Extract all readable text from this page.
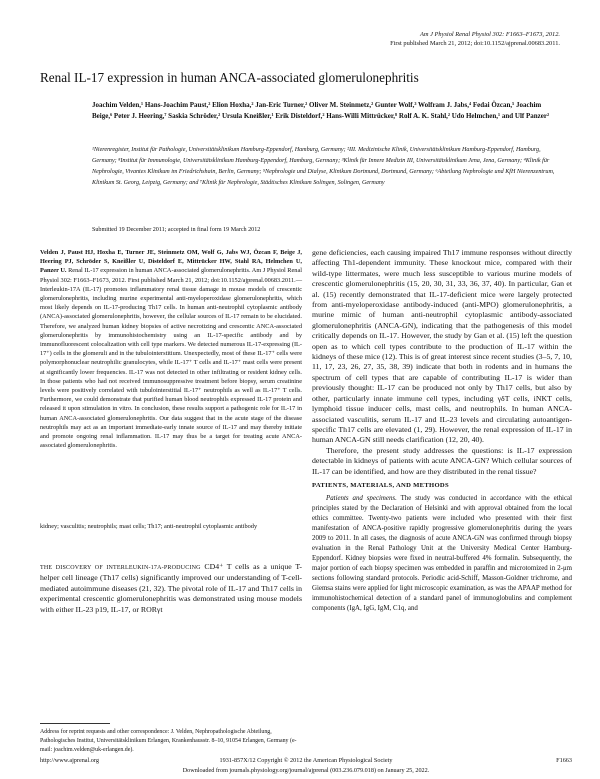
Am J Physiol Renal Physiol 302: F1663–F1673, 2012.
First published March 21, 2012; doi:10.1152/ajprenal.00683.2011.
Renal IL-17 expression in human ANCA-associated glomerulonephritis
Joachim Velden,¹ Hans-Joachim Paust,² Elion Hoxha,² Jan-Eric Turner,² Oliver M. Steinmetz,² Gunter Wolf,³ Wolfram J. Jabs,⁴ Fedai Özcan,⁵ Joachim Beige,⁶ Peter J. Heering,⁷ Saskia Schröder,² Ursula Kneißler,¹ Erik Disteldorf,² Hans-Willi Mittrücker,⁸ Rolf A. K. Stahl,² Udo Helmchen,¹ and Ulf Panzer²
¹Nierenregister, Institut für Pathologie, Universitätsklinikum Hamburg-Eppendorf, Hamburg, Germany; ²III. Medizinische Klinik, Universitätsklinikum Hamburg-Eppendorf, Hamburg, Germany; ⁸Institut für Immunologie, Universitätsklinikum Hamburg-Eppendorf, Hamburg, Germany; ³Klinik für Innere Medizin III, Universitätsklinikum Jena, Jena, Germany; ⁴Klinik für Nephrologie, Vivantes Klinikum im Friedrichshain, Berlin, Germany; ⁵Nephrologie und Dialyse, Klinikum Dortmund, Dortmund, Germany; ⁶Abteilung Nephrologie und KfH Nierenzentrum, Klinikum St. Georg, Leipzig, Germany; and ⁷Klinik für Nephrologie, Städtisches Klinikum Solingen, Solingen, Germany
Submitted 19 December 2011; accepted in final form 19 March 2012
Velden J, Paust HJ, Hoxha E, Turner JE, Steinmetz OM, Wolf G, Jabs WJ, Özcan F, Beige J, Heering PJ, Schröder S, Kneißler U, Disteldorf E, Mittrücker HW, Stahl RA, Helmchen U, Panzer U. Renal IL-17 expression in human ANCA-associated glomerulonephritis. Am J Physiol Renal Physiol 302: F1663–F1673, 2012. First published March 21, 2012; doi:10.1152/ajprenal.00683.2011.—Interleukin-17A (IL-17) promotes inflammatory renal tissue damage in mouse models of crescentic glomerulonephritis, including murine experimental anti-myeloperoxidase glomerulonephritis, which most likely depends on IL-17-producing Th17 cells. In human anti-neutrophil cytoplasmic antibody (ANCA)-associated glomerulonephritis, however, the cellular sources of IL-17 remain to be elucidated. Therefore, we analyzed human kidney biopsies of active necrotizing and crescentic ANCA-associated glomerulonephritis by immunohistochemistry using an IL-17-specific antibody and by immunofluorescent colocalization with cell type markers. We detected numerous IL-17-expressing (IL-17⁺) cells in the glomeruli and in the tubulointerstitium. Unexpectedly, most of these IL-17⁺ cells were polymorphonuclear neutrophilic granulocytes, while IL-17⁺ T cells and IL-17⁺ mast cells were present at significantly lower frequencies. IL-17 was not detected in other infiltrating or resident kidney cells. In those patients who had not received immunosuppressive treatment before biopsy, serum creatinine levels were positively correlated with tubulointerstitial IL-17⁺ neutrophils as well as IL-17⁺ T cells. Furthermore, we could demonstrate that purified human blood neutrophils expressed IL-17 protein and released it upon stimulation in vitro. In conclusion, these results support a pathogenic role for IL-17 in human ANCA-associated glomerulonephritis. Our data suggest that in the acute stage of the disease neutrophils may act as an important immediate-early innate source of IL-17 and may thereby initiate and promote ongoing renal inflammation. IL-17 may thus be a target for treating acute ANCA-associated glomerulonephritis.
kidney; vasculitis; neutrophils; mast cells; Th17; anti-neutrophil cytoplasmic antibody
THE DISCOVERY OF INTERLEUKIN-17A-PRODUCING CD4⁺ T cells as a unique T-helper cell lineage (Th17 cells) significantly improved our understanding of T-cell-mediated autoimmune diseases (21, 32). The pivotal role of IL-17 and Th17 cells in experimental crescentic glomerulonephritis was demonstrated using mouse models with either IL-23 p19, IL-17, or RORγt
Address for reprint requests and other correspondence: J. Velden, Nephropathologische Abteilung, Pathologisches Institut, Universitätsklinikum Erlangen, Krankenhausstr. 8–10, 91054 Erlangen, Germany (e-mail: joachim.velden@uk-erlangen.de).

gene deficiencies, each causing impaired Th17 immune responses without directly affecting Th1-dependent immunity. These knockout mice, compared with their wild-type littermates, were much less susceptible to various murine models of crescentic glomerulonephritis (15, 20, 30, 31, 33, 36, 37, 40). In particular, Gan et al. (15) recently demonstrated that IL-17-deficient mice were largely protected from anti-myeloperoxidase antibody-induced (anti-MPO) glomerulonephritis, a murine mimic of human anti-neutrophil cytoplasmic antibody-associated glomerulonephritis (ANCA-GN), indicating that the pathogenesis of this model critically depends on IL-17. However, the study by Gan et al. (15) left the question open as to which cell types contribute to the production of IL-17 within the kidneys of these mice (12). This is of great interest since recent studies (3–5, 7, 10, 11, 17, 23, 26, 27, 35, 38, 39) indicate that both in rodents and in humans the spectrum of cell types that are capable of contributing IL-17 is wider than previously thought: IL-17 can be produced not only by Th17 cells, but also by other, particularly innate immune cell types, including γδT cells, iNKT cells, lymphoid tissue inducer cells, mast cells, and neutrophils. In human ANCA-associated vasculitis, serum IL-17 and IL-23 levels and circulating autoantigen-specific Th17 cells are elevated (1, 29). However, the renal expression of IL-17 in human ANCA-GN still needs clarification (12, 20, 40).

Therefore, the present study addresses the questions: is IL-17 expression detectable in kidneys of patients with acute ANCA-GN? Which cellular sources of IL-17 can be identified, and how are they distributed in the renal tissue?

PATIENTS, MATERIALS, AND METHODS

Patients and specimens. The study was conducted in accordance with the ethical principles stated by the Declaration of Helsinki and with approval obtained from the local ethics committee. Twenty-two patients were included who presented with their first manifestation of ANCA-positive rapidly progressive glomerulonephritis during the years 2009 to 2011. In all cases, the diagnosis of acute ANCA-GN was confirmed through biopsy evaluation in the Renal Pathology Unit at the University Medical Center Hamburg-Eppendorf. Kidney biopsies were fixed in neutral-buffered 4% formalin. Subsequently, the major portion of each biopsy specimen was embedded in paraffin and microtomized in 2-μm sections following standard protocols. Periodic acid-Schiff, Masson-Goldner trichrome, and Giemsa stains were applied for light microscopic examination, as was the APAAP method for immunohistochemical detection of a standard panel of immunoglobulins and complement components (IgA, IgG, IgM, C1q, and

http://www.ajprenal.org	1931-857X/12 Copyright © 2012 the American Physiological Society	F1663
Downloaded from journals.physiology.org/journal/ajprenal (003.236.079.018) on January 25, 2022.
